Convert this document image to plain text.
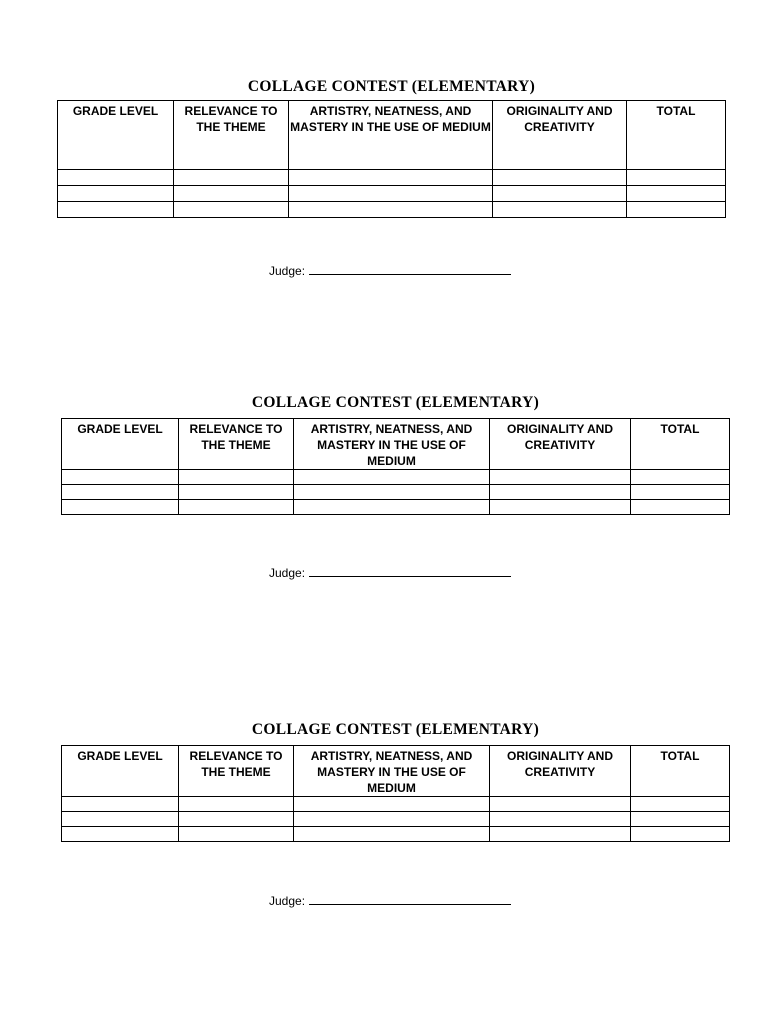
COLLAGE CONTEST (ELEMENTARY)
GRADE LEVEL	RELEVANCE TO THE THEME	ARTISTRY, NEATNESS, AND MASTERY IN THE USE OF MEDIUM	ORIGINALITY AND CREATIVITY	TOTAL

Judge:
COLLAGE CONTEST (ELEMENTARY)
GRADE LEVEL	RELEVANCE TO THE THEME	ARTISTRY, NEATNESS, AND MASTERY IN THE USE OF MEDIUM	ORIGINALITY AND CREATIVITY	TOTAL

Judge:
COLLAGE CONTEST (ELEMENTARY)
GRADE LEVEL	RELEVANCE TO THE THEME	ARTISTRY, NEATNESS, AND MASTERY IN THE USE OF MEDIUM	ORIGINALITY AND CREATIVITY	TOTAL

Judge:
